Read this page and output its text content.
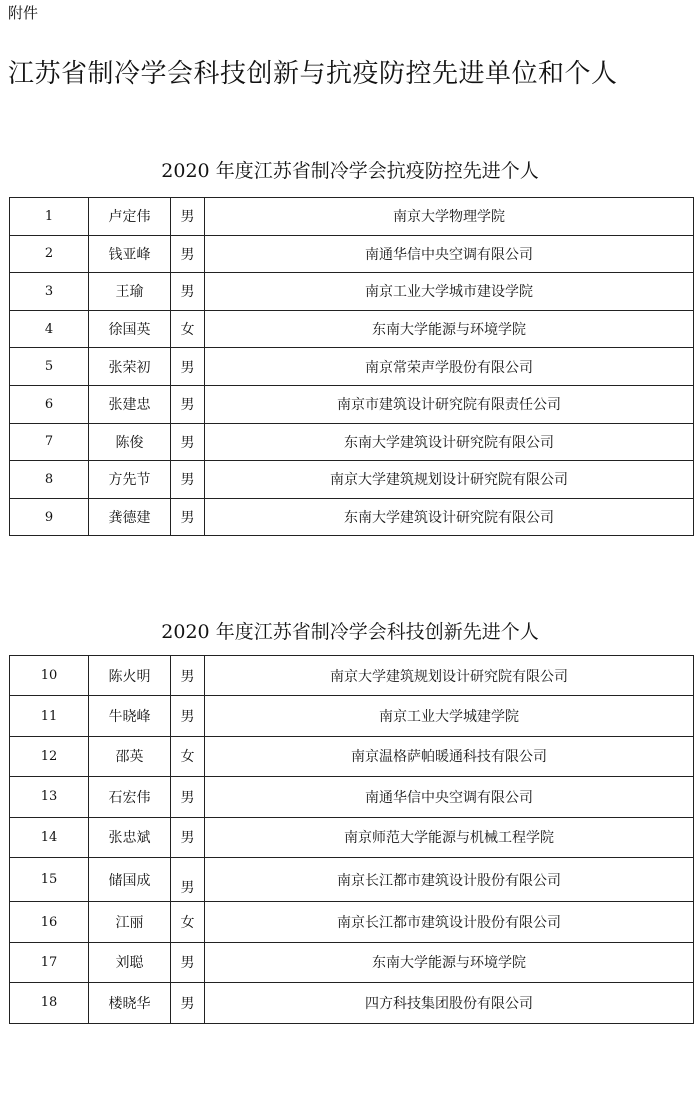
附件
江苏省制冷学会科技创新与抗疫防控先进单位和个人
2020 年度江苏省制冷学会抗疫防控先进个人
1	卢定伟	男	南京大学物理学院
2	钱亚峰	男	南通华信中央空调有限公司
3	王瑜	男	南京工业大学城市建设学院
4	徐国英	女	东南大学能源与环境学院
5	张荣初	男	南京常荣声学股份有限公司
6	张建忠	男	南京市建筑设计研究院有限责任公司
7	陈俊	男	东南大学建筑设计研究院有限公司
8	方先节	男	南京大学建筑规划设计研究院有限公司
9	龚德建	男	东南大学建筑设计研究院有限公司
2020 年度江苏省制冷学会科技创新先进个人
10	陈火明	男	南京大学建筑规划设计研究院有限公司
11	牛晓峰	男	南京工业大学城建学院
12	邵英	女	南京温格萨帕暖通科技有限公司
13	石宏伟	男	南通华信中央空调有限公司
14	张忠斌	男	南京师范大学能源与机械工程学院
15	储国成	男	南京长江都市建筑设计股份有限公司
16	江丽	女	南京长江都市建筑设计股份有限公司
17	刘聪	男	东南大学能源与环境学院
18	楼晓华	男	四方科技集团股份有限公司
